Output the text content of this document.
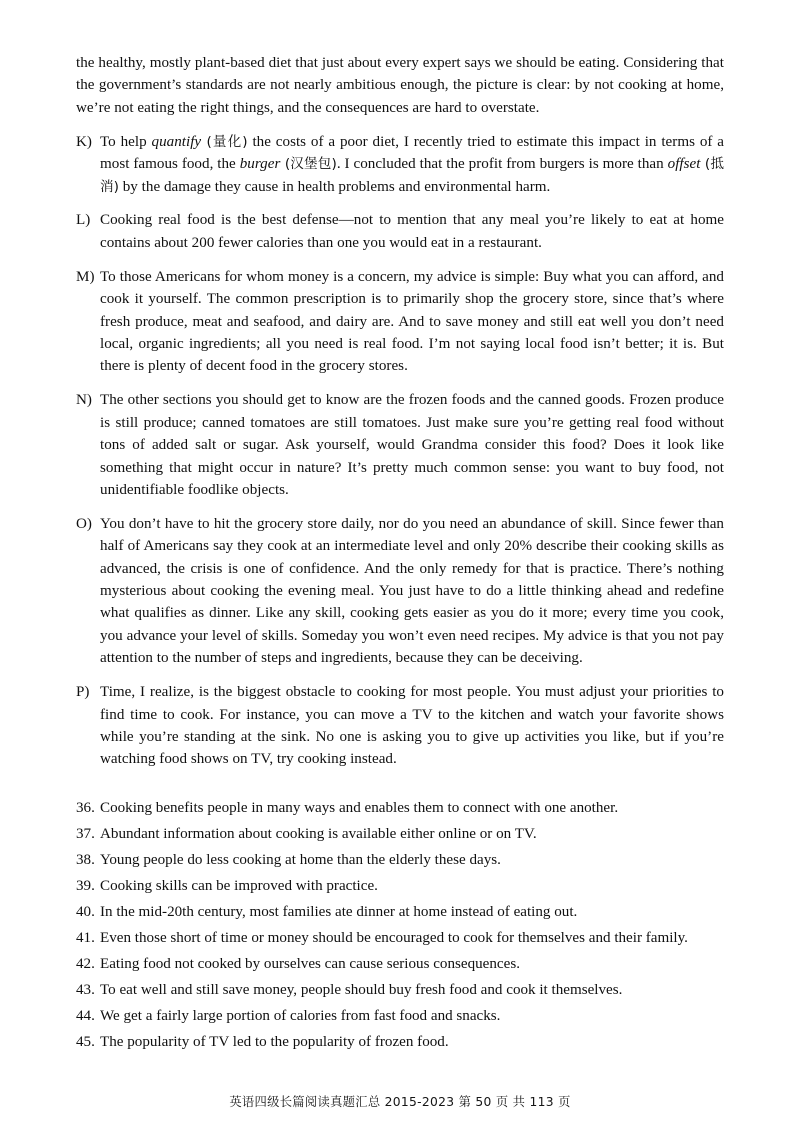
the healthy, mostly plant-based diet that just about every expert says we should be eating. Considering that the government’s standards are not nearly ambitious enough, the picture is clear: by not cooking at home, we’re not eating the right things, and the consequences are hard to overstate.
K) To help quantify (量化) the costs of a poor diet, I recently tried to estimate this impact in terms of a most famous food, the burger (汉堡包). I concluded that the profit from burgers is more than offset (抵消) by the damage they cause in health problems and environmental harm.
L) Cooking real food is the best defense—not to mention that any meal you’re likely to eat at home contains about 200 fewer calories than one you would eat in a restaurant.
M) To those Americans for whom money is a concern, my advice is simple: Buy what you can afford, and cook it yourself. The common prescription is to primarily shop the grocery store, since that’s where fresh produce, meat and seafood, and dairy are. And to save money and still eat well you don’t need local, organic ingredients; all you need is real food. I’m not saying local food isn’t better; it is. But there is plenty of decent food in the grocery stores.
N) The other sections you should get to know are the frozen foods and the canned goods. Frozen produce is still produce; canned tomatoes are still tomatoes. Just make sure you’re getting real food without tons of added salt or sugar. Ask yourself, would Grandma consider this food? Does it look like something that might occur in nature? It’s pretty much common sense: you want to buy food, not unidentifiable foodlike objects.
O) You don’t have to hit the grocery store daily, nor do you need an abundance of skill. Since fewer than half of Americans say they cook at an intermediate level and only 20% describe their cooking skills as advanced, the crisis is one of confidence. And the only remedy for that is practice. There’s nothing mysterious about cooking the evening meal. You just have to do a little thinking ahead and redefine what qualifies as dinner. Like any skill, cooking gets easier as you do it more; every time you cook, you advance your level of skills. Someday you won’t even need recipes. My advice is that you not pay attention to the number of steps and ingredients, because they can be deceiving.
P) Time, I realize, is the biggest obstacle to cooking for most people. You must adjust your priorities to find time to cook. For instance, you can move a TV to the kitchen and watch your favorite shows while you’re standing at the sink. No one is asking you to give up activities you like, but if you’re watching food shows on TV, try cooking instead.
36. Cooking benefits people in many ways and enables them to connect with one another.
37. Abundant information about cooking is available either online or on TV.
38. Young people do less cooking at home than the elderly these days.
39. Cooking skills can be improved with practice.
40. In the mid-20th century, most families ate dinner at home instead of eating out.
41. Even those short of time or money should be encouraged to cook for themselves and their family.
42. Eating food not cooked by ourselves can cause serious consequences.
43. To eat well and still save money, people should buy fresh food and cook it themselves.
44. We get a fairly large portion of calories from fast food and snacks.
45. The popularity of TV led to the popularity of frozen food.
英语四级长篇阅读真题汇总 2015-2023 第 50 页 共 113 页
